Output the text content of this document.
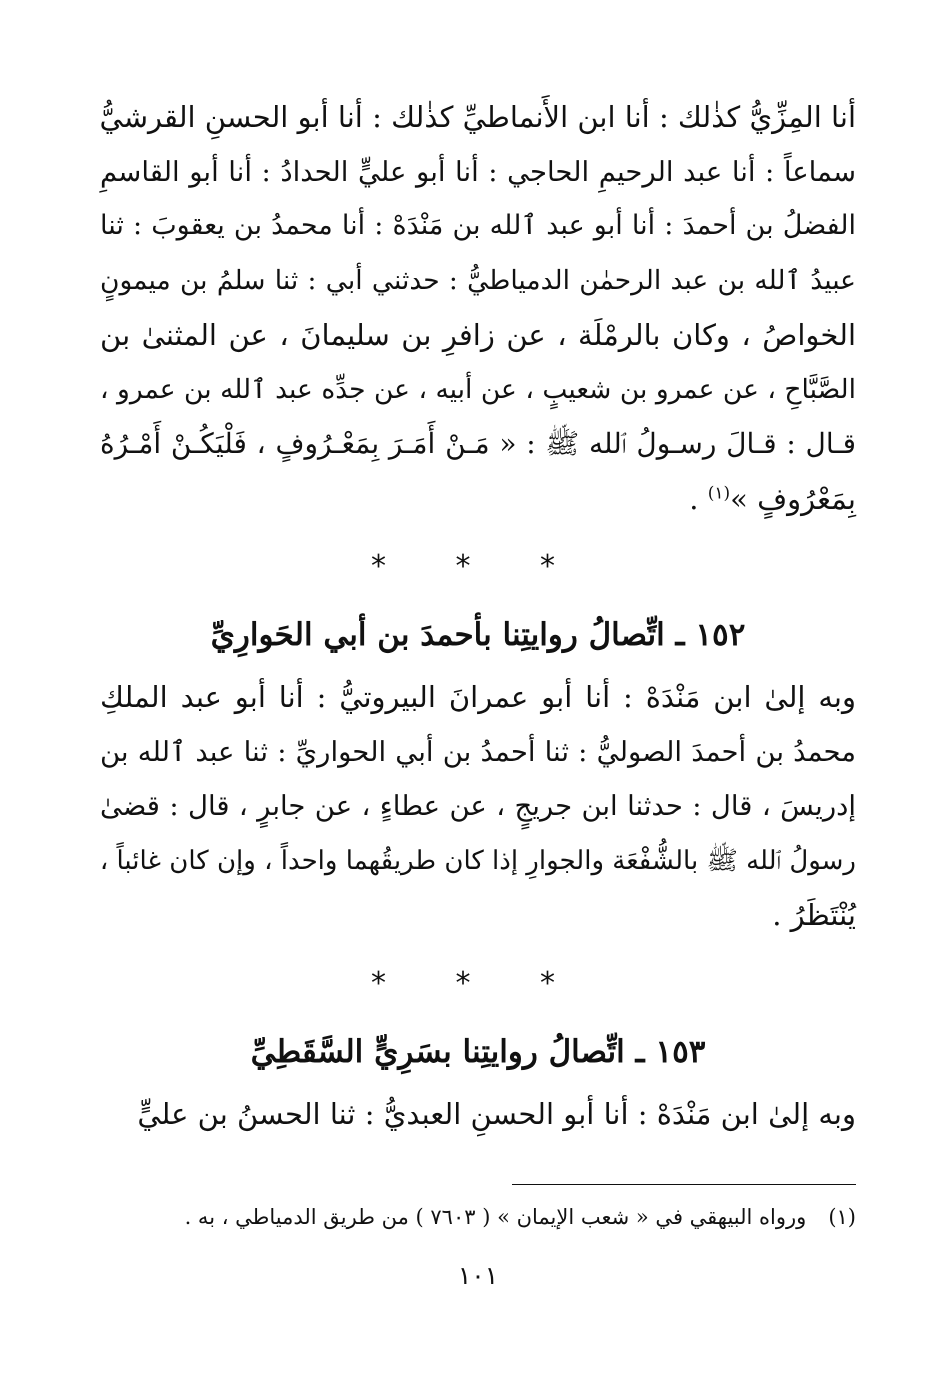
أنا المِزِّيُّ كذٰلك : أنا ابن الأَنماطيِّ كذٰلك : أنا أبو الحسنِ القرشيُّ
سماعاً : أنا عبد الرحيمِ الحاجي : أنا أبو عليٍّ الحدادُ : أنا أبو القاسمِ
الفضلُ بن أحمدَ : أنا أبو عبد ٱلله بن مَنْدَهْ : أنا محمدُ بن يعقوبَ : ثنا
عبيدُ ٱلله بن عبد الرحمٰن الدمياطيُّ : حدثني أبي : ثنا سلمُ بن ميمونٍ
الخواصُ ، وكان بالرمْلَة ، عن زافرِ بن سليمانَ ، عن المثنىٰ بن
الصَّبَّاحِ ، عن عمرو بن شعيبٍ ، عن أبيه ، عن جدِّه عبد ٱلله بن عمرو ،
قـال : قـالَ رسـولُ ٱلله ﷺ : « مَـنْ أَمَـرَ بِمَعْـرُوفٍ ، فَلْيَكُـنْ أَمْـرُهُ
بِمَعْرُوفٍ »$^{(١)}$ .
* * *
١٥٢ ـ اتِّصالُ روايتِنا بأحمدَ بن أبي الحَوارِيِّ
وبه إلىٰ ابن مَنْدَهْ : أنا أبو عمرانَ البيروتيُّ : أنا أبو عبد الملكِ
محمدُ بن أحمدَ الصوليُّ : ثنا أحمدُ بن أبي الحواريِّ : ثنا عبد ٱلله بن
إدريسَ ، قال : حدثنا ابن جريجٍ ، عن عطاءٍ ، عن جابرٍ ، قال : قضىٰ
رسولُ ٱلله ﷺ بالشُّفْعَة والجوارِ إذا كان طريقُهما واحداً ، وإن كان غائباً ،
يُنْتَظَرُ .
* * *
١٥٣ ـ اتِّصالُ روايتِنا بسَرِيٍّ السَّقَطِيِّ
وبه إلىٰ ابن مَنْدَهْ : أنا أبو الحسنِ العبديُّ : ثنا الحسنُ بن عليٍّ
(١)ورواه البيهقي في « شعب الإيمان » ( ٧٦٠٣ ) من طريق الدمياطي ، به .
١٠١
